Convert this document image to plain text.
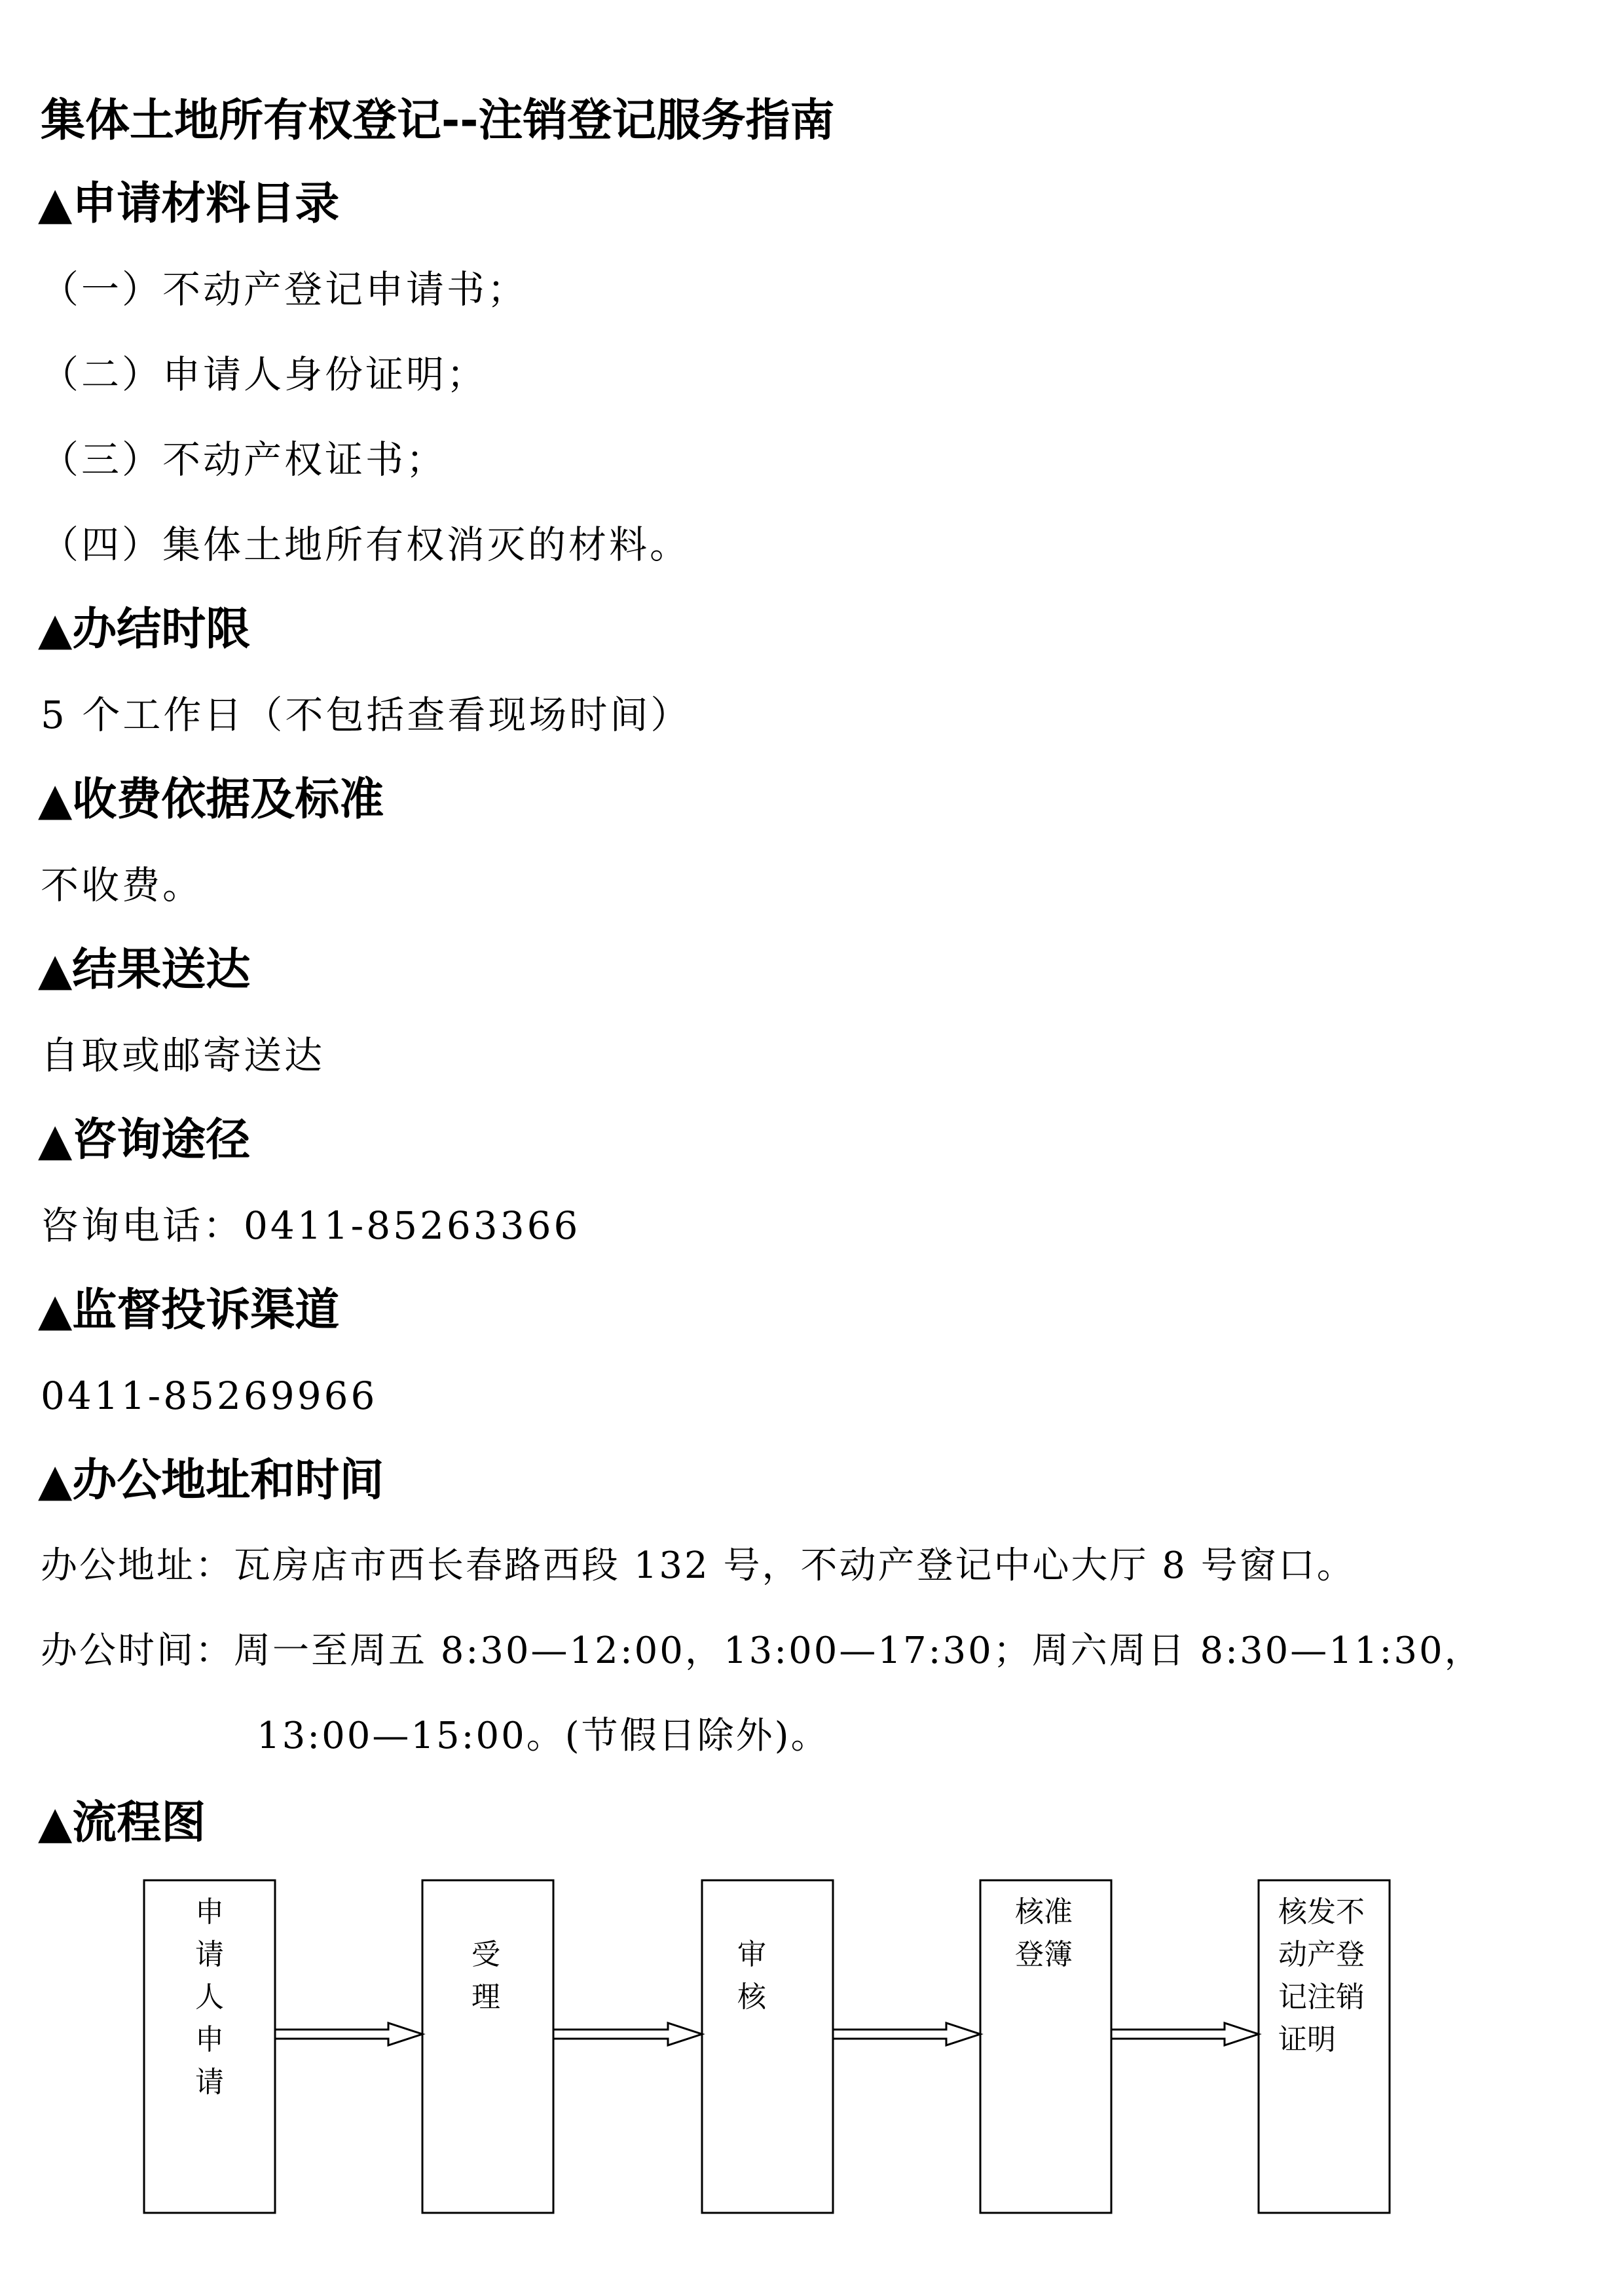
集体土地所有权登记--注销登记服务指南
▲申请材料目录
（一）不动产登记申请书；
（二）申请人身份证明；
（三）不动产权证书；
（四）集体土地所有权消灭的材料。
▲办结时限
5 个工作日（不包括查看现场时间）
▲收费依据及标准
不收费。
▲结果送达
自取或邮寄送达
▲咨询途径
咨询电话：0411-85263366
▲监督投诉渠道
0411-85269966
▲办公地址和时间
办公地址：瓦房店市西长春路西段 132 号，不动产登记中心大厅 8 号窗口。
办公时间：周一至周五 8:30—12:00，13:00—17:30；周六周日 8:30—11:30，
13:00—15:00。(节假日除外)。
▲流程图
申
请
人
申
请
受
理
审
核
核准
登簿
核发不
动产登
记注销
证明
